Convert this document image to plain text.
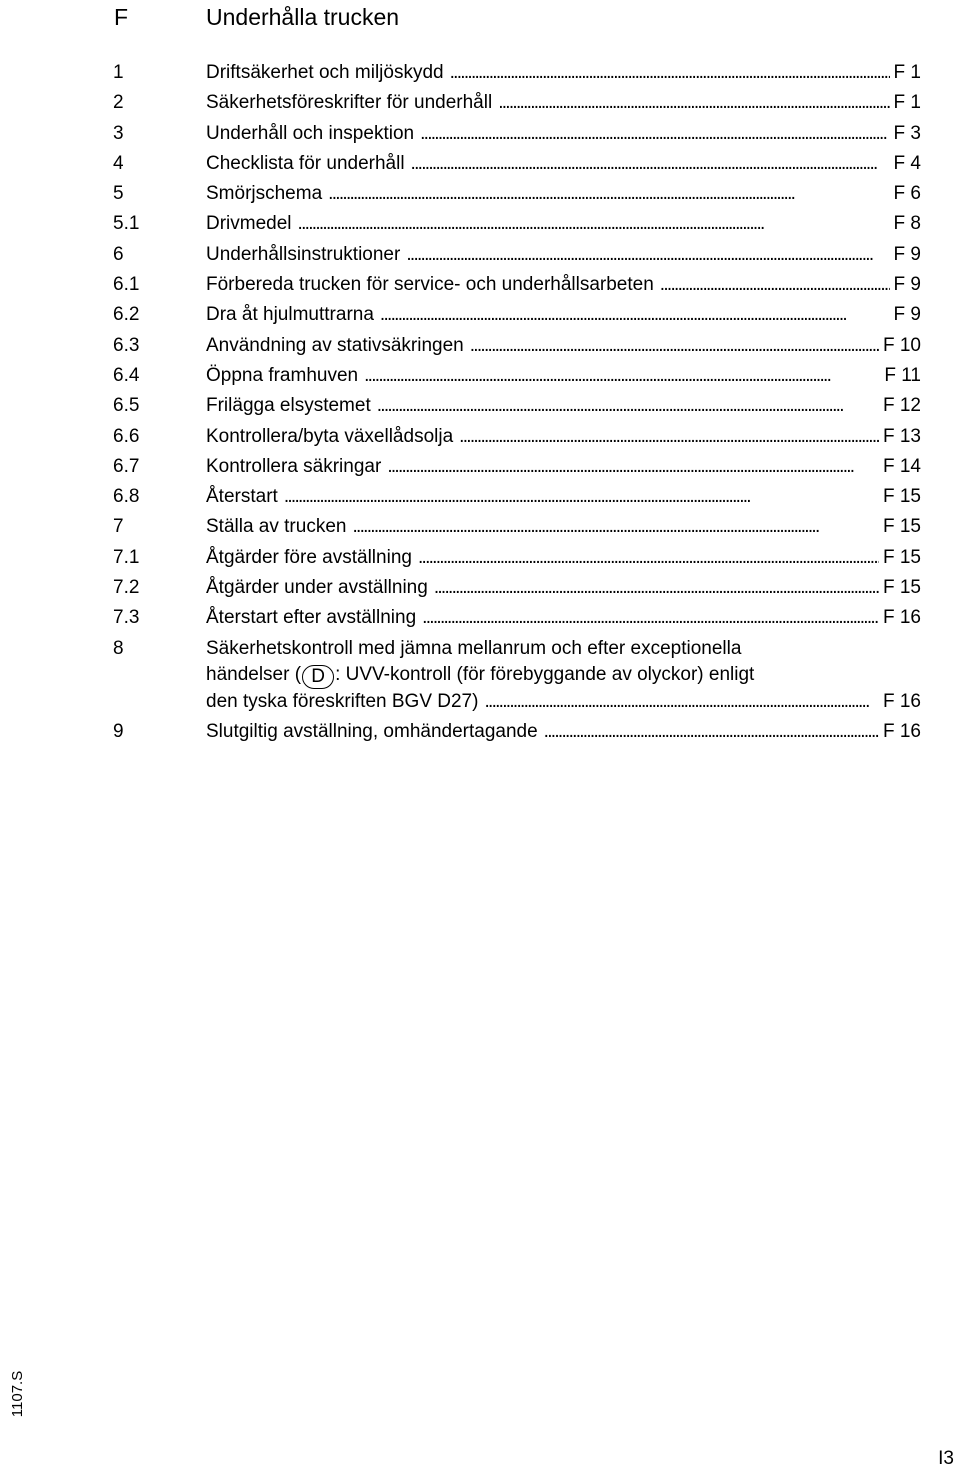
F	Underhålla trucken
1	Driftsäkerhet och miljöskydd . . .	F 1
2	Säkerhetsföreskrifter för underhåll . . .	F 1
3	Underhåll och inspektion . . .	F 3
4	Checklista för underhåll . . .	F 4
5	Smörjschema . . .	F 6
5.1	Drivmedel . . .	F 8
6	Underhållsinstruktioner . . .	F 9
6.1	Förbereda trucken för service- och underhållsarbeten . . .	F 9
6.2	Dra åt hjulmuttrarna . . .	F 9
6.3	Användning av stativsäkringen . . .	F 10
6.4	Öppna framhuven . . .	F 11
6.5	Frilägga elsystemet . . .	F 12
6.6	Kontrollera/byta växellådsolja . . .	F 13
6.7	Kontrollera säkringar . . .	F 14
6.8	Återstart . . .	F 15
7	Ställa av trucken . . .	F 15
7.1	Åtgärder före avställning . . .	F 15
7.2	Åtgärder under avställning . . .	F 15
7.3	Återstart efter avställning . . .	F 16
8	Säkerhetskontroll med jämna mellanrum och efter exceptionella
händelser ( D : UVV-kontroll (för förebyggande av olyckor) enligt
den tyska föreskriften BGV D27) . . .	F 16
9	Slutgiltig avställning, omhändertagande . . .	F 16
1107.S
I3
